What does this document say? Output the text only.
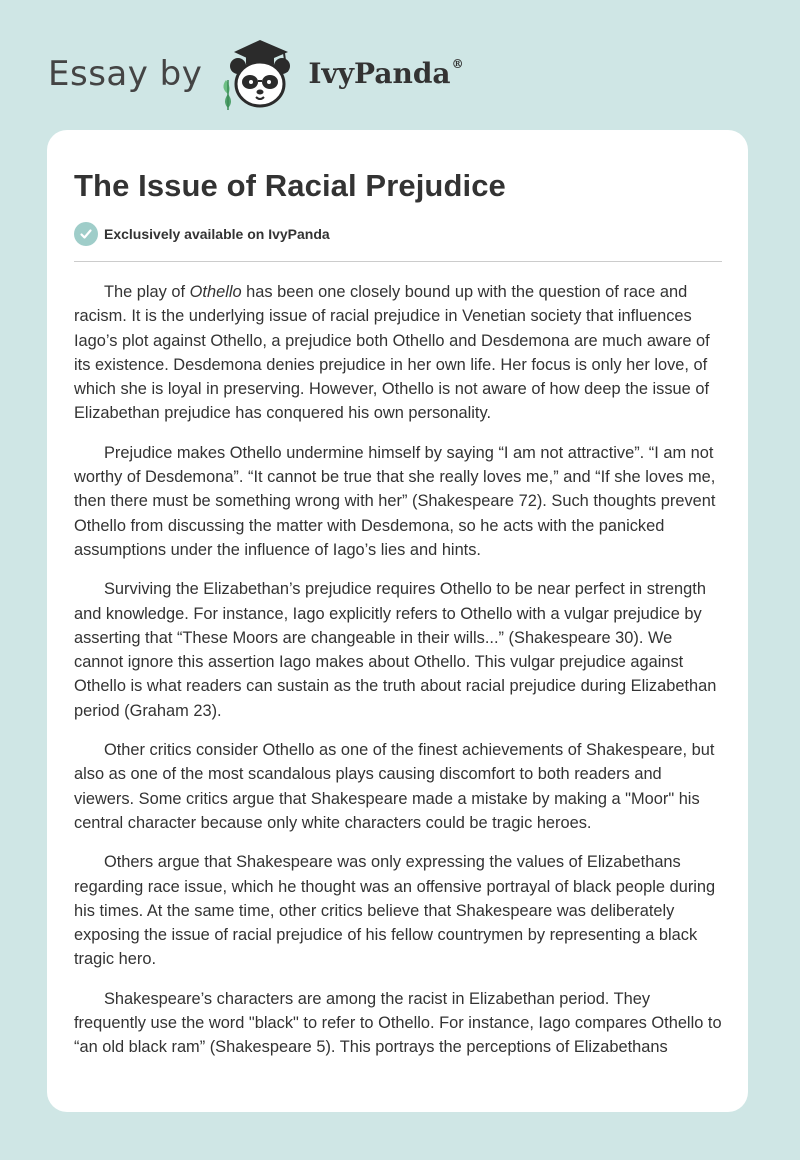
Essay by	IvyPanda®
The Issue of Racial Prejudice
Exclusively available on IvyPanda

The play of Othello has been one closely bound up with the question of race and racism. It is the underlying issue of racial prejudice in Venetian society that influences Iago’s plot against Othello, a prejudice both Othello and Desdemona are much aware of its existence. Desdemona denies prejudice in her own life. Her focus is only her love, of which she is loyal in preserving. However, Othello is not aware of how deep the issue of Elizabethan prejudice has conquered his own personality.

Prejudice makes Othello undermine himself by saying “I am not attractive”. “I am not worthy of Desdemona”. “It cannot be true that she really loves me,” and “If she loves me, then there must be something wrong with her” (Shakespeare 72). Such thoughts prevent Othello from discussing the matter with Desdemona, so he acts with the panicked assumptions under the influence of Iago’s lies and hints.

Surviving the Elizabethan’s prejudice requires Othello to be near perfect in strength and knowledge. For instance, Iago explicitly refers to Othello with a vulgar prejudice by asserting that “These Moors are changeable in their wills...” (Shakespeare 30). We cannot ignore this assertion Iago makes about Othello. This vulgar prejudice against Othello is what readers can sustain as the truth about racial prejudice during Elizabethan period (Graham 23).

Other critics consider Othello as one of the finest achievements of Shakespeare, but also as one of the most scandalous plays causing discomfort to both readers and viewers. Some critics argue that Shakespeare made a mistake by making a "Moor" his central character because only white characters could be tragic heroes.

Others argue that Shakespeare was only expressing the values of Elizabethans regarding race issue, which he thought was an offensive portrayal of black people during his times. At the same time, other critics believe that Shakespeare was deliberately exposing the issue of racial prejudice of his fellow countrymen by representing a black tragic hero.

Shakespeare’s characters are among the racist in Elizabethan period. They frequently use the word "black" to refer to Othello. For instance, Iago compares Othello to “an old black ram” (Shakespeare 5). This portrays the perceptions of Elizabethans
